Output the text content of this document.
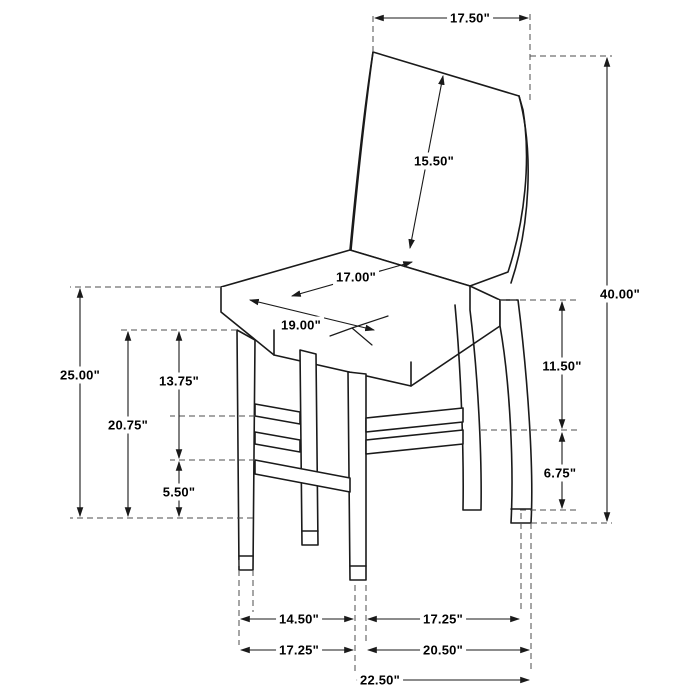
17.50"
15.50"
17.00"
19.00"
40.00"
25.00"	13.75"
20.75"
5.50"
11.50"
6.75"
14.50"	17.25"
17.25"	20.50"
22.50"
